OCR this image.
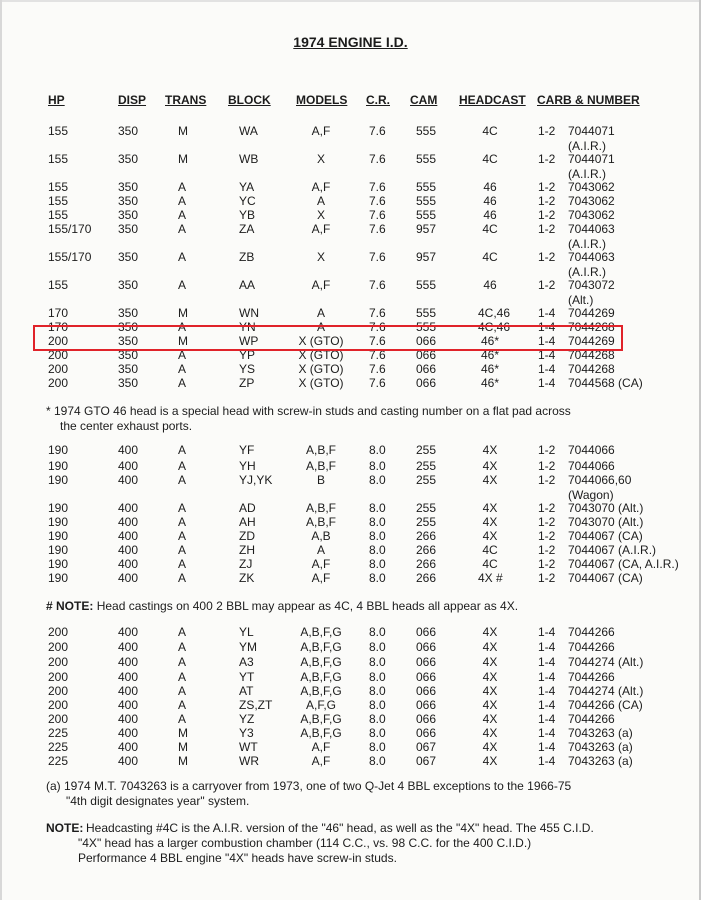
1974 ENGINE I.D.
HP	DISP TRANS BLOCK MODELS C.R. CAM HEADCAST CARB & NUMBER
155	350	M	WA	A,F	7.6	555	4C	1-2 7044071
(A.I.R.)
155	350	M	WB	X	7.6	555	4C	1-2 7044071
(A.I.R.)
155	350	A	YA	A,F	7.6	555	46	1-2 7043062
155	350	A	YC	A	7.6	555	46	1-2 7043062
155	350	A	YB	X	7.6	555	46	1-2 7043062
155/170 350	A	ZA	A,F	7.6	957	4C	1-2 7044063
(A.I.R.)
155/170 350	A	ZB	X	7.6	957	4C	1-2 7044063
(A.I.R.)
155	350	A	AA	A,F	7.6	555	46	1-2 7043072
(Alt.)
170	350	M	WN	A	7.6	555	4C,46 1-4 7044269
170	350	A	YN	A	7.6	555	4C,46 1-4 7044268
200	350	M	WP	X (GTO) 7.6	066	46*	1-4 7044269
200	350	A	YP	X (GTO) 7.6	066	46*	1-4 7044268
200	350	A	YS	X (GTO) 7.6	066	46*	1-4 7044268
200	350	A	ZP	X (GTO) 7.6	066	46*	1-4 7044568 (CA)
* 1974 GTO 46 head is a special head with screw-in studs and casting number on a flat pad across
the center exhaust ports.
190	400	A	YF	A,B,F	8.0	255	4X	1-2 7044066
190	400	A	YH	A,B,F	8.0	255	4X	1-2 7044066
190	400	A	YJ,YK	B	8.0	255	4X	1-2 7044066,60
(Wagon)
190	400	A	AD	A,B,F	8.0	255	4X	1-2 7043070 (Alt.)
190	400	A	AH	A,B,F	8.0	255	4X	1-2 7043070 (Alt.)
190	400	A	ZD	A,B	8.0	266	4X	1-2 7044067 (CA)
190	400	A	ZH	A	8.0	266	4C	1-2 7044067 (A.I.R.)
190	400	A	ZJ	A,F	8.0	266	4C	1-2 7044067 (CA, A.I.R.)
190	400	A	ZK	A,F	8.0	266	4X #	1-2 7044067 (CA)
# NOTE: Head castings on 400 2 BBL may appear as 4C, 4 BBL heads all appear as 4X.
200	400	A	YL	A,B,F,G	8.0	066	4X	1-4 7044266
200	400	A	YM	A,B,F,G	8.0	066	4X	1-4 7044266
200	400	A	A3	A,B,F,G	8.0	066	4X	1-4 7044274 (Alt.)
200	400	A	YT	A,B,F,G	8.0	066	4X	1-4 7044266
200	400	A	AT	A,B,F,G	8.0	066	4X	1-4 7044274 (Alt.)
200	400	A	ZS,ZT	A,F,G	8.0	066	4X	1-4 7044266 (CA)
200	400	A	YZ	A,B,F,G	8.0	066	4X	1-4 7044266
225	400	M	Y3	A,B,F,G	8.0	066	4X	1-4 7043263 (a)
225	400	M	WT	A,F	8.0	067	4X	1-4 7043263 (a)
225	400	M	WR	A,F	8.0	067	4X	1-4 7043263 (a)
(a) 1974 M.T. 7043263 is a carryover from 1973, one of two Q-Jet 4 BBL exceptions to the 1966-75
"4th digit designates year" system.
NOTE: Headcasting #4C is the A.I.R. version of the "46" head, as well as the "4X" head. The 455 C.I.D.
"4X" head has a larger combustion chamber (114 C.C., vs. 98 C.C. for the 400 C.I.D.)
Performance 4 BBL engine "4X" heads have screw-in studs.
